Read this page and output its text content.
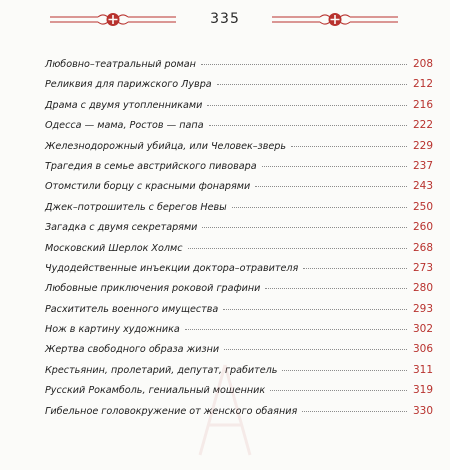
335
Любовно–театральный роман	208
Реликвия для парижского Лувра	212
Драма с двумя утопленниками	216
Одесса — мама, Ростов — папа	222
Железнодорожный убийца, или Человек–зверь	229
Трагедия в семье австрийского пивовара	237
Отомстили борцу с красными фонарями	243
Джек–потрошитель с берегов Невы	250
Загадка с двумя секретарями	260
Московский Шерлок Холмс	268
Чудодейственные инъекции доктора–отравителя	273
Любовные приключения роковой графини	280
Расхититель военного имущества	293
Нож в картину художника	302
Жертва свободного образа жизни	306
Крестьянин, пролетарий, депутат, грабитель	311
Русский Рокамболь, гениальный мошенник	319
Гибельное головокружение от женского обаяния	330
